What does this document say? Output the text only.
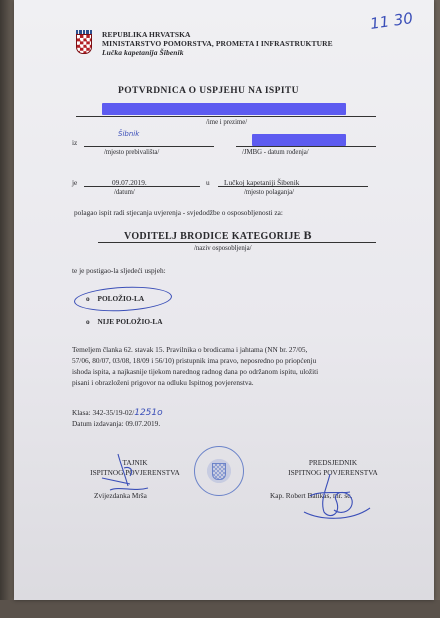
REPUBLIKA HRVATSKA
MINISTARSTVO POMORSTVA, PROMETA I INFRASTRUKTURE
Lučka kapetanija Šibenik
11 30
POTVRDNICA O USPJEHU NA ISPITU
/ime i prezime/
iz
Šibnik
/mjesto prebivališta/	/JMBG - datum rođenja/
je	09.07.2019.
/datum/
u Lučkoj kapetaniji Šibenik
/mjesto polaganja/
polagao ispit radi stjecanja uvjerenja - svjedodžbe o osposobljenosti za:
VODITELJ BRODICE KATEGORIJE B
/naziv osposobljenja/
te je postigao-la sljedeći uspjeh:
o POLOŽIO-LA
o NIJE POLOŽIO-LA
Temeljem članka 62. stavak 15. Pravilnika o brodicama i jahtama (NN br. 27/05,
57/06, 80/07, 03/08, 18/09 i 56/10) pristupnik ima pravo, neposredno po priopćenju
ishoda ispita, a najkasnije tijekom narednog radnog dana po održanom ispitu, uložiti
pisani i obrazloženi prigovor na odluku Ispitnog povjerenstva.
Klasa: 342-35/19-02/1251o
Datum izdavanja: 09.07.2019.
TAJNIK
ISPITNOG POVJERENSTVA
Zvijezdanka Mrša
PREDSJEDNIK
ISPITNOG POVJERENSTVA
Kap. Robert Balikas, mr. sc.
